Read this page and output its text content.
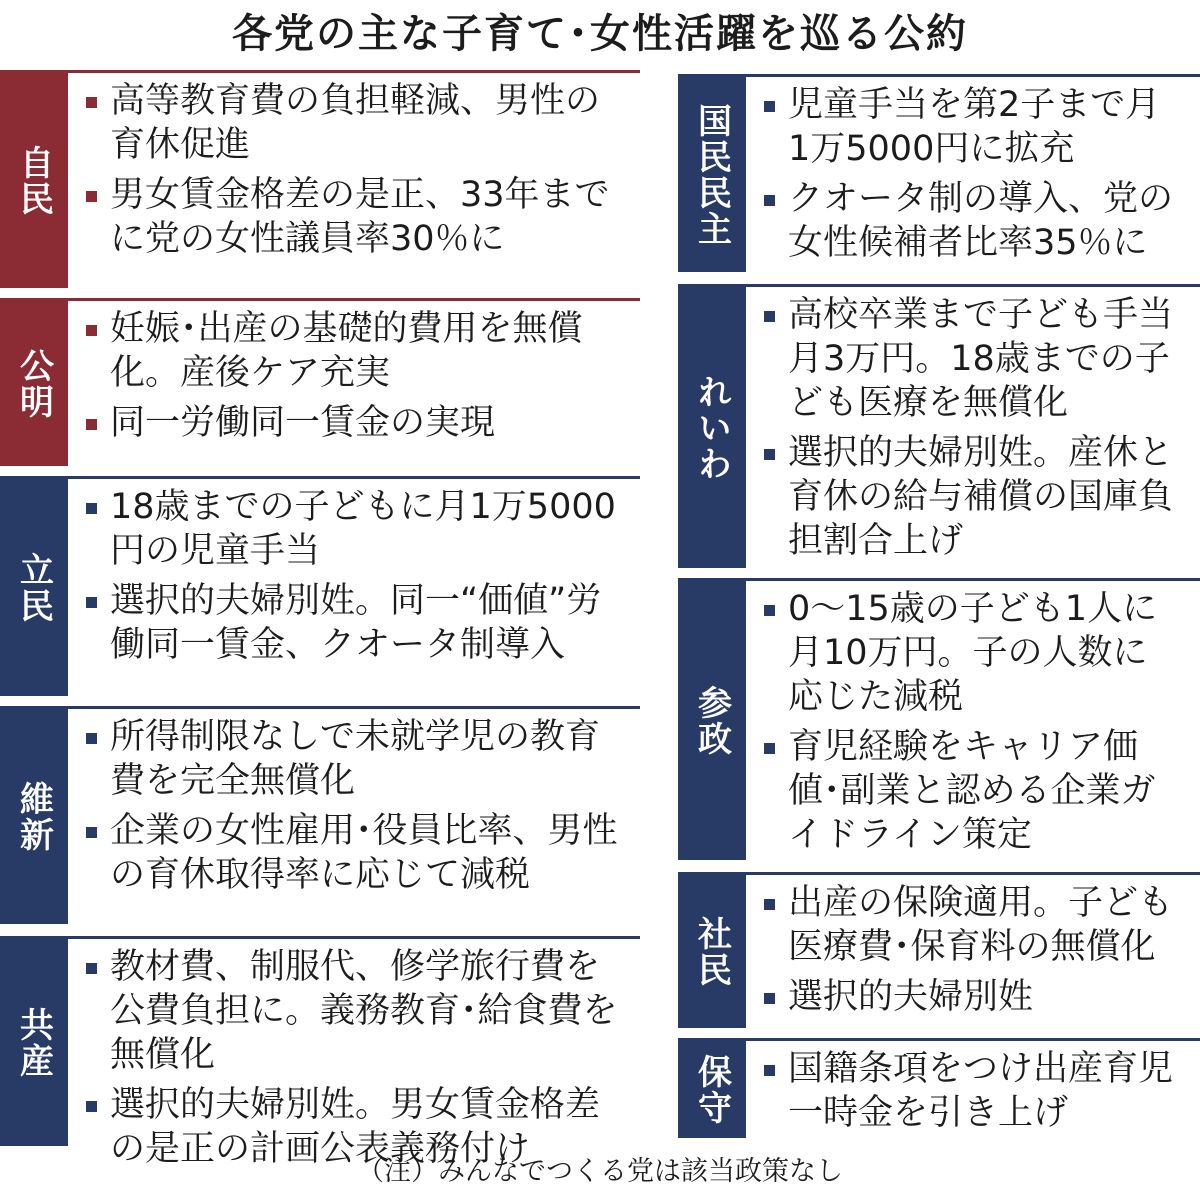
各党の主な子育て･女性活躍を巡る公約
自民
高等教育費の負担軽減、男性の育休促進
男女賃金格差の是正、33年までに党の女性議員率30％に
公明
妊娠･出産の基礎的費用を無償化。産後ケア充実
同一労働同一賃金の実現
立民
18歳までの子どもに月1万5000円の児童手当
選択的夫婦別姓。同一“価値”労働同一賃金、クオータ制導入
維新
所得制限なしで未就学児の教育費を完全無償化
企業の女性雇用･役員比率、男性の育休取得率に応じて減税
共産
教材費、制服代、修学旅行費を公費負担に。義務教育･給食費を無償化
選択的夫婦別姓。男女賃金格差の是正の計画公表義務付け
国民民主	児童手当を第2子まで月1万5000円に拡充
クオータ制の導入、党の女性候補者比率35％に
れいわ
高校卒業まで子ども手当月3万円。18歳までの子ども医療を無償化
選択的夫婦別姓。産休と育休の給与補償の国庫負担割合上げ
参政
0～15歳の子ども1人に月10万円。子の人数に応じた減税
育児経験をキャリア価値･副業と認める企業ガイドライン策定
社民
出産の保険適用。子ども医療費･保育料の無償化
選択的夫婦別姓
保守	国籍条項をつけ出産育児一時金を引き上げ
（注）みんなでつくる党は該当政策なし
